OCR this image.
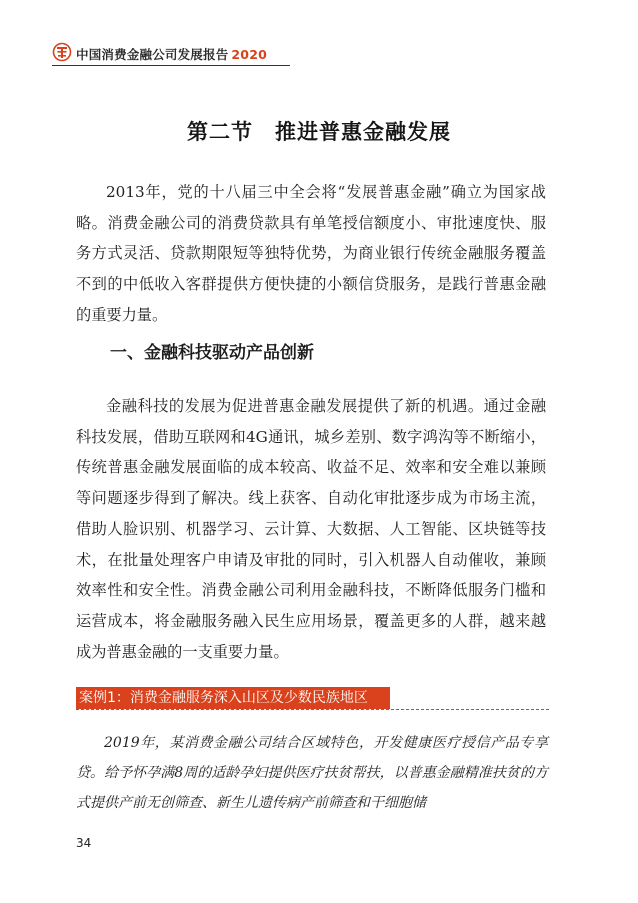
中国消费金融公司发展报告 2020
第二节 推进普惠金融发展

2013年，党的十八届三中全会将“发展普惠金融”确立为国家战略。消费金融公司的消费贷款具有单笔授信额度小、审批速度快、服务方式灵活、贷款期限短等独特优势，为商业银行传统金融服务覆盖不到的中低收入客群提供方便快捷的小额信贷服务，是践行普惠金融的重要力量。

一、金融科技驱动产品创新

金融科技的发展为促进普惠金融发展提供了新的机遇。通过金融科技发展，借助互联网和4G通讯，城乡差别、数字鸿沟等不断缩小，传统普惠金融发展面临的成本较高、收益不足、效率和安全难以兼顾等问题逐步得到了解决。线上获客、自动化审批逐步成为市场主流，借助人脸识别、机器学习、云计算、大数据、人工智能、区块链等技术，在批量处理客户申请及审批的同时，引入机器人自动催收，兼顾效率性和安全性。消费金融公司利用金融科技，不断降低服务门槛和运营成本，将金融服务融入民生应用场景，覆盖更多的人群，越来越成为普惠金融的一支重要力量。

案例1：消费金融服务深入山区及少数民族地区

2019年，某消费金融公司结合区域特色，开发健康医疗授信产品专享贷。给予怀孕满8周的适龄孕妇提供医疗扶贫帮扶，以普惠金融精准扶贫的方式提供产前无创筛查、新生儿遗传病产前筛查和干细胞储

34
